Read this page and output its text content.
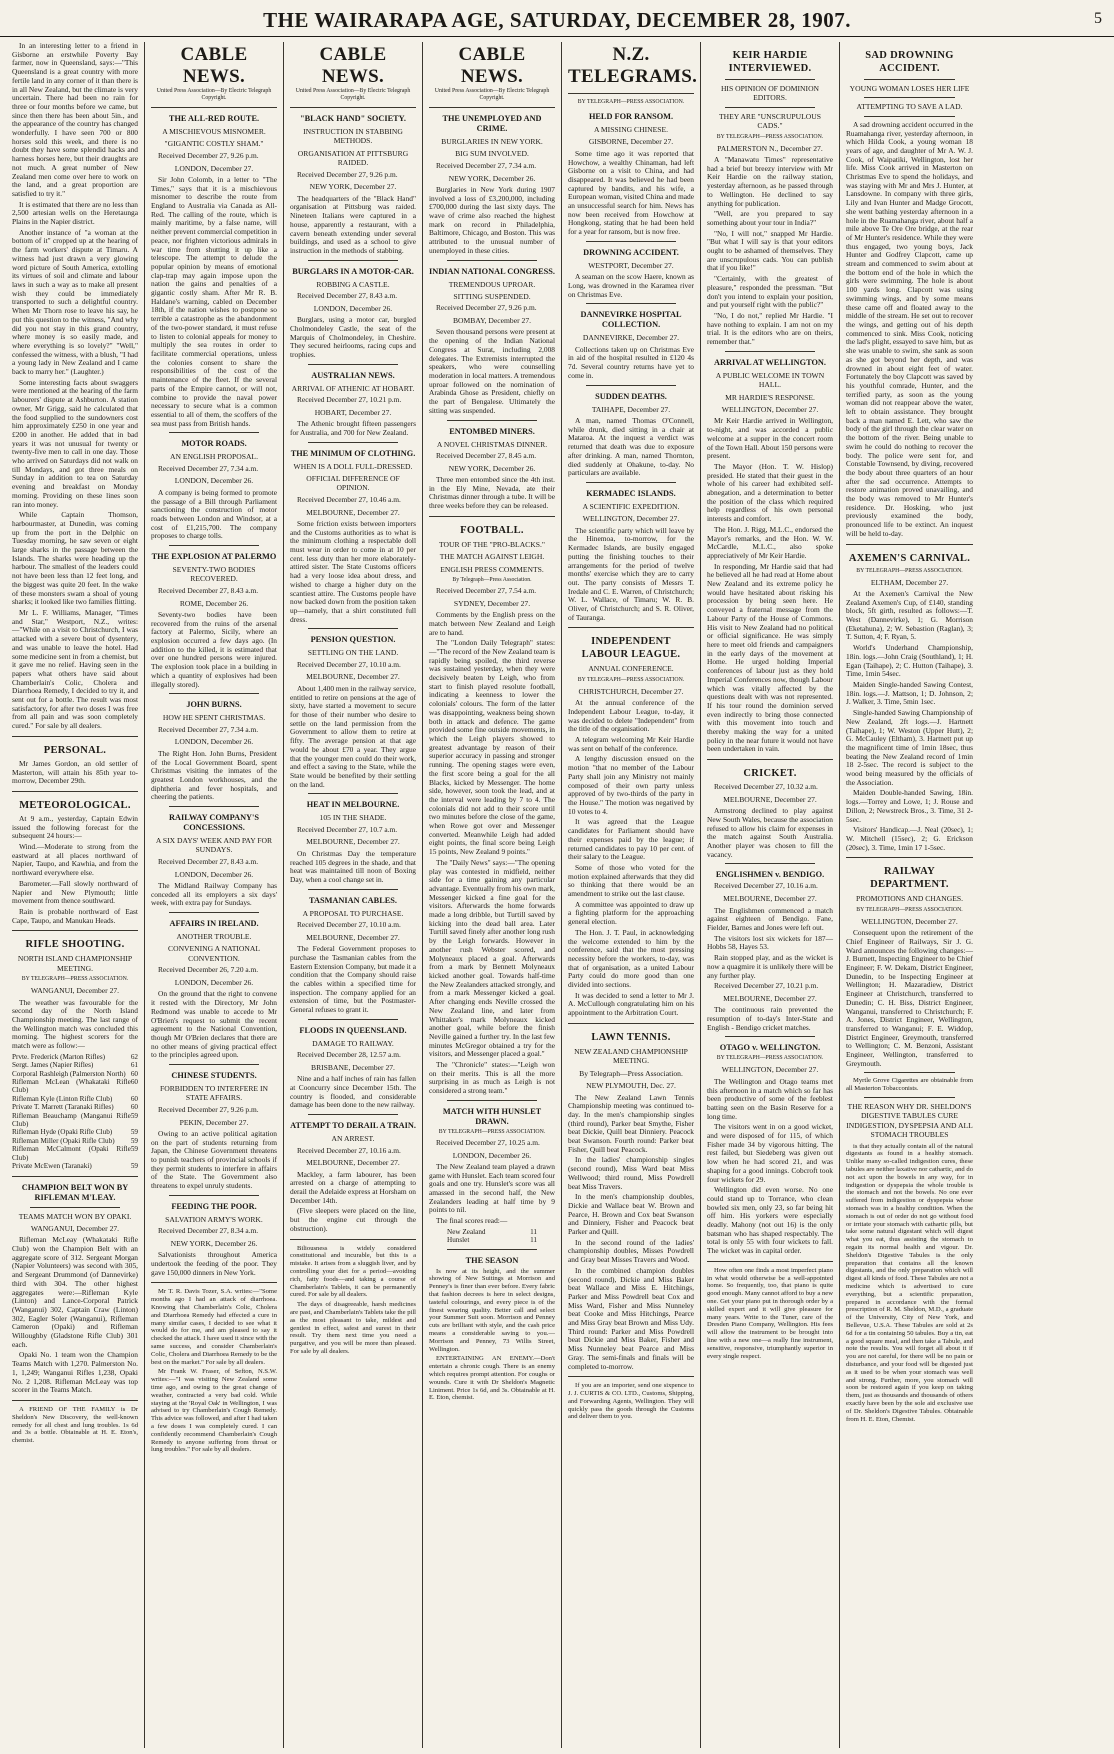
THE WAIRARAPA AGE, SATURDAY, DECEMBER 28, 1907.	5

In an interesting letter to a friend in Gisborne an erstwhile Poverty Bay farmer, now in Queensland, says:—"This Queensland is a great country with more fertile land in any corner of it than there is in all New Zealand, but the climate is very uncertain. There had been no rain for three or four months before we came, but since then there has been about 5in., and the appearance of the country has changed wonderfully. I have seen 700 or 800 horses sold this week, and there is no doubt they have some splendid hacks and harness horses here, but their draughts are not much. A great number of New Zealand men come over here to work on the land, and a great proportion are satisfied to try it."

It is estimated that there are no less than 2,500 artesian wells on the Heretaunga Plains in the Napier district.

Another instance of "a woman at the bottom of it" cropped up at the hearing of the farm workers' dispute at Timaru. A witness had just drawn a very glowing word picture of South America, extolling its virtues of soil and climate and labour laws in such a way as to make all present wish they could be immediately transported to such a delightful country. When Mr Thorn rose to leave his say, he put this question to the witness, "And why did you not stay in this grand country, where money is so easily made, and where everything is so lovely?" "Well," confessed the witness, with a blush, "I had a young lady in New Zealand and I came back to marry her." (Laughter.)

Some interesting facts about swaggers were mentioned at the hearing of the farm labourers' dispute at Ashburton. A station owner, Mr Grigg, said he calculated that the food supplied to the sundowners cost him approximately £250 in one year and £200 in another. He added that in bad years it was not unusual for twenty or twenty-five men to call in one day. Those who arrived on Saturdays did not walk on till Mondays, and got three meals on Sunday in addition to tea on Saturday evening and breakfast on Monday morning. Providing on these lines soon ran into money.

While Captain Thomson, harbourmaster, at Dunedin, was coming up from the port in the Delphic on Tuesday morning, he saw seven or eight large sharks in the passage between the Islands. The sharks were heading up the harbour. The smallest of the leaders could not have been less than 12 feet long, and the biggest was quite 20 feet. In the wake of these monsters swam a shoal of young sharks; it looked like two families flitting.

Mr L. F. Williams, Manager, "Times and Star," Westport, N.Z., writes:—"While on a visit to Christchurch, I was attacked with a severe bout of dysentery, and was unable to leave the hotel. Had some medicine sent in from a chemist, but it gave me no relief. Having seen in the papers what others have said about Chamberlain's Colic, Cholera and Diarrhoea Remedy, I decided to try it, and sent out for a bottle. The result was most satisfactory, for after two doses I was free from all pain and was soon completely cured." For sale by all dealers.

PERSONAL.

Mr James Gordon, an old settler of Masterton, will attain his 85th year to-morrow, December 29th.

METEOROLOGICAL.

At 9 a.m., yesterday, Captain Edwin issued the following forecast for the subsequent 24 hours:—

Wind.—Moderate to strong from the eastward at all places northward of Napier, Taupo, and Kawhia, and from the northward everywhere else.

Barometer.—Fall slowly northward of Napier and New Plymouth; little movement from thence southward.

Rain is probable northward of East Cape, Taupo, and Manukau Heads.

RIFLE SHOOTING.
NORTH ISLAND CHAMPIONSHIP MEETING.
BY TELEGRAPH—PRESS ASSOCIATION.
WANGANUI, December 27.

The weather was favourable for the second day of the North Island Championship meeting. The last range of the Wellington match was concluded this morning. The highest scorers for the match were as follow:—

Prvte. Frederick (Marton Rifles)	62
Sergt. James (Napier Rifles)	61
Corporal Rashleigh (Palmerston North) 60
Rifleman McLean (Whakataki Rifle Club)
60
Rifleman Kyle (Linton Rifle Club)	60
Private T. Marrett (Taranaki Rifles) 60
Rifleman Beauchamp (Manganui Rifle Club)
59
Rifleman Hyde (Opaki Rifle Club)	59
Rifleman Miller (Opaki Rifle Club) 59
Rifleman McCalmont (Opaki Rifle Club)
59
Private McEwen (Taranaki)	59
CHAMPION BELT WON BY RIFLEMAN M'LEAY.
TEAMS MATCH WON BY OPAKI.
WANGANUI, December 27.

Rifleman McLeay (Whakataki Rifle Club) won the Champion Belt with an aggregate score of 312. Sergeant Morgan (Napier Volunteers) was second with 305, and Sergeant Drummond (of Dannevirke) third with 304. The other highest aggregates were:—Rifleman Kyle (Linton) and Lance-Corporal Patrick (Wanganui) 302, Captain Craw (Linton) 302, Eagler Soler (Wanganui), Rifleman Cameron (Opaki) and Rifleman Willoughby (Gladstone Rifle Club) 301 each.

Opaki No. 1 team won the Champion Teams Match with 1,270. Palmerston No. 1, 1,249; Wanganui Rifles 1,238, Opaki No. 2 1,208. Rifleman McLeay was top scorer in the Teams Match.

A FRIEND OF THE FAMILY is Dr Sheldon's New Discovery, the well-known remedy for all chest and lung troubles. 1s 6d and 3s a bottle. Obtainable at H. E. Eton's, chemist.

CABLE NEWS.
United Press Association—By Electric Telegraph Copyright.
THE ALL-RED ROUTE.
A MISCHIEVOUS MISNOMER.
"GIGANTIC COSTLY SHAM."

Received December 27, 9.26 p.m.

LONDON, December 27.

Sir John Colomb, in a letter to "The Times," says that it is a mischievous misnomer to describe the route from England to Australia via Canada as All-Red. The calling of the route, which is mainly maritime, by a false name, will neither prevent commercial competition in peace, nor frighten victorious admirals in war time from shutting it up like a telescope. The attempt to delude the popular opinion by means of emotional clap-trap may again impose upon the nation the gains and penalties of a gigantic costly sham. After Mr R. B. Haldane's warning, cabled on December 18th, if the nation wishes to postpone so terrible a catastrophe as the abandonment of the two-power standard, it must refuse to listen to colonial appeals for money to multiply the sea routes in order to facilitate commercial operations, unless the colonies consent to share the responsibilities of the cost of the maintenance of the fleet. If the several parts of the Empire cannot, or will not, combine to provide the naval power necessary to secure what is a common essential to all of them, the scoffers of the sea must pass from British hands.

MOTOR ROADS.
AN ENGLISH PROPOSAL.

Received December 27, 7.34 a.m.

LONDON, December 26.

A company is being formed to promote the passage of a Bill through Parliament sanctioning the construction of motor roads between London and Windsor, at a cost of £1,215,700. The company proposes to charge tolls.

THE EXPLOSION AT PALERMO
SEVENTY-TWO BODIES RECOVERED.

Received December 27, 8.43 a.m.

ROME, December 26.

Seventy-two bodies have been recovered from the ruins of the arsenal factory at Palermo, Sicily, where an explosion occurred a few days ago. (In addition to the killed, it is estimated that over one hundred persons were injured. The explosion took place in a building in which a quantity of explosives had been illegally stored).

JOHN BURNS.
HOW HE SPENT CHRISTMAS.

Received December 27, 7.34 a.m.

LONDON, December 26.

The Right Hon. John Burns, President of the Local Government Board, spent Christmas visiting the inmates of the greatest London workhouses, and the diphtheria and fever hospitals, and cheering the patients.

RAILWAY COMPANY'S CONCESSIONS.
A SIX DAYS' WEEK AND PAY FOR SUNDAYS.

Received December 27, 8.43 a.m.

LONDON, December 26.

The Midland Railway Company has conceded all its employers a six days' week, with extra pay for Sundays.

AFFAIRS IN IRELAND.
ANOTHER TROUBLE.
CONVENING A NATIONAL CONVENTION.

Received December 26, 7.20 a.m.

LONDON, December 26.

On the ground that the right to convene it rested with the Directory, Mr John Redmond was unable to accede to Mr O'Brien's request to submit the recent agreement to the National Convention, though Mr O'Brien declares that there are no other means of giving practical effect to the principles agreed upon.

CHINESE STUDENTS.
FORBIDDEN TO INTERFERE IN STATE AFFAIRS.

Received December 27, 9.26 p.m.

PEKIN, December 27.

Owing to an active political agitation on the part of students returning from Japan, the Chinese Government threatens to punish teachers of provincial schools if they permit students to interfere in affairs of the State. The Government also threatens to expel unruly students.

FEEDING THE POOR.
SALVATION ARMY'S WORK.

Received December 27, 8.34 a.m.

NEW YORK, December 26.

Salvationists throughout America undertook the feeding of the poor. They gave 150,000 dinners in New York.

Mr T. R. Davis Tozer, S.A. writes:—"Some months ago I had an attack of diarrhoea. Knowing that Chamberlain's Colic, Cholera and Diarrhoea Remedy had effected a cure in many similar cases, I decided to see what it would do for me, and am pleased to say it checked the attack. I have used it since with the same success, and consider Chamberlain's Colic, Cholera and Diarrhoea Remedy to be the best on the market." For sale by all dealers.

Mr Frank W. Fraser, of Sefton, N.S.W. writes:—"I was visiting New Zealand some time ago, and owing to the great change of weather, contracted a very bad cold. While staying at the 'Royal Oak' in Wellington, I was advised to try Chamberlain's Cough Remedy. This advice was followed, and after I had taken a few doses I was completely cured. I can confidently recommend Chamberlain's Cough Remedy to anyone suffering from throat or lung troubles." For sale by all dealers.

CABLE NEWS.
United Press Association—By Electric Telegraph Copyright.
"BLACK HAND" SOCIETY.
INSTRUCTION IN STABBING METHODS.
ORGANISATION AT PITTSBURG RAIDED.

Received December 27, 9.26 p.m.

NEW YORK, December 27.

The headquarters of the "Black Hand" organisation at Pittsburg was raided. Nineteen Italians were captured in a house, apparently a restaurant, with a cavern beneath extending under several buildings, and used as a school to give instruction in the methods of stabbing.

BURGLARS IN A MOTOR-CAR.
ROBBING A CASTLE.

Received December 27, 8.43 a.m.

LONDON, December 26.

Burglars, using a motor car, burgled Cholmondeley Castle, the seat of the Marquis of Cholmondeley, in Cheshire. They secured heirlooms, racing cups and trophies.

AUSTRALIAN NEWS.
ARRIVAL OF ATHENIC AT HOBART.

Received December 27, 10.21 p.m.

HOBART, December 27.

The Athenic brought fifteen passengers for Australia, and 700 for New Zealand.

THE MINIMUM OF CLOTHING.
WHEN IS A DOLL FULL-DRESSED.
OFFICIAL DIFFERENCE OF OPINION.

Received December 27, 10.46 a.m.

MELBOURNE, December 27.

Some friction exists between importers and the Customs authorities as to what is the minimum clothing a respectable doll must wear in order to come in at 10 per cent. less duty than her more elaborately-attired sister. The State Customs officers had a very loose idea about dress, and wished to charge a higher duty on the scantiest attire. The Customs people have now backed down from the position taken up—namely, that a shirt constituted full dress.

PENSION QUESTION.
SETTLING ON THE LAND.

Received December 27, 10.10 a.m.

MELBOURNE, December 27.

About 1,400 men in the railway service, entitled to retire on pensions at the age of sixty, have started a movement to secure for those of their number who desire to settle on the land permission from the Government to allow them to retire at fifty. The average pension at that age would be about £70 a year. They argue that the younger men could do their work, and effect a saving to the State, while the State would be benefited by their settling on the land.

HEAT IN MELBOURNE.
105 IN THE SHADE.

Received December 27, 10.7 a.m.

MELBOURNE, December 27.

On Christmas Day the temperature reached 105 degrees in the shade, and that heat was maintained till noon of Boxing Day, when a cool change set in.

TASMANIAN CABLES.
A PROPOSAL TO PURCHASE.

Received December 27, 10.10 a.m.

MELBOURNE, December 27.

The Federal Government proposes to purchase the Tasmanian cables from the Eastern Extension Company, but made it a condition that the Company should raise the cables within a specified time for inspection. The company applied for an extension of time, but the Postmaster-General refuses to grant it.

FLOODS IN QUEENSLAND.
DAMAGE TO RAILWAY.

Received December 28, 12.57 a.m.

BRISBANE, December 27.

Nine and a half inches of rain has fallen at Cooncurry since December 15th. The country is flooded, and considerable damage has been done to the new railway.

ATTEMPT TO DERAIL A TRAIN.
AN ARREST.

Received December 27, 10.16 a.m.

MELBOURNE, December 27.

Mackley, a farm labourer, has been arrested on a charge of attempting to derail the Adelaide express at Horsham on December 14th.

(Five sleepers were placed on the line, but the engine cut through the obstruction).

Biliousness is widely considered constitutional and incurable, but this is a mistake. It arises from a sluggish liver, and by controlling your diet for a period—avoiding rich, fatty foods—and taking a course of Chamberlain's Tablets, it can be permanently cured. For sale by all dealers.

The days of disagreeable, harsh medicines are past, and Chamberlain's Tablets take the pill as the most pleasant to take, mildest and gentlest in effect, safest and surest in their result. Try them next time you need a purgative, and you will be more than pleased. For sale by all dealers.

CABLE NEWS.
United Press Association—By Electric Telegraph Copyright.
THE UNEMPLOYED AND CRIME.
BURGLARIES IN NEW YORK.
BIG SUM INVOLVED.

Received December 27, 7.34 a.m.

NEW YORK, December 26.

Burglaries in New York during 1907 involved a loss of £3,200,000, including £700,000 during the last sixty days. The wave of crime also reached the highest mark on record in Philadelphia, Baltimore, Chicago, and Boston. This was attributed to the unusual number of unemployed in these cities.

INDIAN NATIONAL CONGRESS.
TREMENDOUS UPROAR.
SITTING SUSPENDED.

Received December 27, 9.26 p.m.

BOMBAY, December 27.

Seven thousand persons were present at the opening of the Indian National Congress at Surat, including 2,008 delegates. The Extremists interrupted the speakers, who were counselling moderation in local matters. A tremendous uproar followed on the nomination of Arabinda Ghose as President, chiefly on the part of Bengalese. Ultimately the sitting was suspended.

ENTOMBED MINERS.
A NOVEL CHRISTMAS DINNER.

Received December 27, 8.45 a.m.

NEW YORK, December 26.

Three men entombed since the 4th inst. in the Ely Mine, Nevada, ate their Christmas dinner through a tube. It will be three weeks before they can be released.

FOOTBALL.
TOUR OF THE "PRO-BLACKS."
THE MATCH AGAINST LEIGH.
ENGLISH PRESS COMMENTS.
By Telegraph—Press Association.

Received December 27, 7.54 a.m.

SYDNEY, December 27.

Comments by the English press on the match between New Zealand and Leigh are to hand.

The "London Daily Telegraph" states:—"The record of the New Zealand team is rapidly being spoiled, the third reverse was sustained yesterday, when they were decisively beaten by Leigh, who from start to finish played resolute football, indicating a keenness to lower the colonials' colours. The form of the latter was disappointing, weakness being shown both in attack and defence. The game provided some fine outside movements, in which the Leigh players showed to greatest advantage by reason of their superior accuracy in passing and stronger running. The opening stages were even, the first score being a goal for the all Blacks, kicked by Messenger. The home side, however, soon took the lead, and at the interval were leading by 7 to 4. The colonials did not add to their score until two minutes before the close of the game, when Rowe got over and Messenger converted. Meanwhile Leigh had added eight points, the final score being Leigh 15 points, New Zealand 9 points."

The "Daily News" says:—"The opening play was contested in midfield, neither side for a time gaining any particular advantage. Eventually from his own mark, Messenger kicked a fine goal for the visitors. Afterwards the home forwards made a long dribble, but Turtill saved by kicking into the dead ball area. Later Turtill saved finely after another long rush by the Leigh forwards. However in another rush Webster scored, and Molyneaux placed a goal. Afterwards from a mark by Bennett Molyneaux kicked another goal. Towards half-time the New Zealanders attacked strongly, and from a mark Messenger kicked a goal. After changing ends Neville crossed the New Zealand line, and later from Whittaker's mark Molyneaux kicked another goal, while before the finish Neville gained a further try. In the last few minutes McGregor obtained a try for the visitors, and Messenger placed a goal."

The "Chronicle" states:—"Leigh won on their merits. This is all the more surprising in as much as Leigh is not considered a strong team."

MATCH WITH HUNSLET DRAWN.
BY TELEGRAPH—PRESS ASSOCIATION.

Received December 27, 10.25 a.m.

LONDON, December 26.

The New Zealand team played a drawn game with Hunslet. Each team scored four goals and one try. Hunslet's score was all amassed in the second half, the New Zealanders leading at half time by 9 points to nil.

The final scores read:—

New Zealand	11
Hunslet	11
THE SEASON

Is now at its height, and the summer showing of New Suitings at Morrison and Penney's is finer than ever before. Every fabric that fashion decrees is here in select designs, tasteful colourings, and every piece is of the finest wearing quality. Better call and select your Summer Suit soon. Morrison and Penney cuts are brilliant with style, and the cash price means a considerable saving to you.—Morrison and Penney, 73 Willis Street, Wellington.

ENTERTAINING AN ENEMY.—Don't entertain a chronic cough. There is an enemy which requires prompt attention. For coughs or wounds. Cure it with Dr Sheldon's Magnetic Liniment. Price 1s 6d, and 3s. Obtainable at H. E. Eton, chemist.

N.Z. TELEGRAMS.
BY TELEGRAPH—PRESS ASSOCIATION.
HELD FOR RANSOM.
A MISSING CHINESE.
GISBORNE, December 27.

Some time ago it was reported that Howchow, a wealthy Chinaman, had left Gisborne on a visit to China, and had disappeared. It was believed he had been captured by bandits, and his wife, a European woman, visited China and made an unsuccessful search for him. News has now been received from Howchow at Hongkong, stating that he had been held for a year for ransom, but is now free.

DROWNING ACCIDENT.
WESTPORT, December 27.

A seaman on the scow Haere, known as Long, was drowned in the Karamea river on Christmas Eve.

DANNEVIRKE HOSPITAL COLLECTION.
DANNEVIRKE, December 27.

Collections taken up on Christmas Eve in aid of the hospital resulted in £120 4s 7d. Several country returns have yet to come in.

SUDDEN DEATHS.
TAIHAPE, December 27.

A man, named Thomas O'Connell, while drunk, died sitting in a chair at Mataroa. At the inquest a verdict was returned that death was due to exposure after drinking. A man, named Thornton, died suddenly at Ohakune, to-day. No particulars are available.

KERMADEC ISLANDS.
A SCIENTIFIC EXPEDITION.
WELLINGTON, December 27.

The scientific party which will leave by the Hinemoa, to-morrow, for the Kermadec Islands, are busily engaged putting the finishing touches to their arrangements for the period of twelve months' exercise which they are to carry out. The party consists of Messrs T. Iredale and C. E. Warren, of Christchurch; W. L. Wallace, of Timaru; W. R. B. Oliver, of Christchurch; and S. R. Oliver, of Tauranga.

INDEPENDENT LABOUR LEAGUE.
ANNUAL CONFERENCE.
BY TELEGRAPH—PRESS ASSOCIATION.
CHRISTCHURCH, December 27.

At the annual conference of the Independent Labour League, to-day, it was decided to delete "Independent" from the title of the organisation.

A telegram welcoming Mr Keir Hardie was sent on behalf of the conference.

A lengthy discussion ensued on the motion "that no member of the Labour Party shall join any Ministry not mainly composed of their own party unless approved of by two-thirds of the party in the House." The motion was negatived by 10 votes to 4.

It was agreed that the League candidates for Parliament should have their expenses paid by the league; if returned candidates to pay 10 per cent. of their salary to the League.

Some of those who voted for the motion explained afterwards that they did so thinking that there would be an amendment to strike out the last clause.

A committee was appointed to draw up a fighting platform for the approaching general election.

The Hon. J. T. Paul, in acknowledging the welcome extended to him by the conference, said that the most pressing necessity before the workers, to-day, was that of organisation, as a united Labour Party could do more good than one divided into sections.

It was decided to send a letter to Mr J. A. McCullough congratulating him on his appointment to the Arbitration Court.

LAWN TENNIS.
NEW ZEALAND CHAMPIONSHIP MEETING.
By Telegraph—Press Association.
NEW PLYMOUTH, Dec. 27.

The New Zealand Lawn Tennis Championship meeting was continued to-day. In the men's championship singles (third round), Parker beat Smythe, Fisher beat Dickie, Quill beat Dinniery. Peacock beat Swanson. Fourth round: Parker beat Fisher, Quill beat Peacock.

In the ladies' championship singles (second round), Miss Ward beat Miss Wellwood; third round, Miss Powdrell beat Miss Travers.

In the men's championship doubles, Dickie and Wallace beat W. Brown and Pearce, H. Brown and Cox beat Swanson and Dinniery, Fisher and Peacock beat Parker and Quill.

In the second round of the ladies' championship doubles, Misses Powdrell and Gray beat Misses Travers and Wood.

In the combined champion doubles (second round), Dickie and Miss Baker beat Wallace and Miss E. Hitchings, Parker and Miss Powdrell beat Cox and Miss Ward, Fisher and Miss Nunneley beat Cooke and Miss Hitchings, Pearce and Miss Gray beat Brown and Miss Udy. Third round: Parker and Miss Powdrell beat Dickie and Miss Baker, Fisher and Miss Nunneley beat Pearce and Miss Gray. The semi-finals and finals will be completed to-morrow.

If you are an importer, send one sixpence to J. J. CURTIS & CO. LTD., Customs, Shipping, and Forwarding Agents, Wellington. They will quickly pass the goods through the Customs and deliver them to you.

KEIR HARDIE INTERVIEWED.
HIS OPINION OF DOMINION EDITORS.
THEY ARE "UNSCRUPULOUS CADS."
BY TELEGRAPH—PRESS ASSOCIATION.
PALMERSTON N., December 27.

A "Manawatu Times" representative had a brief but breezy interview with Mr Keir Hardie on the railway station, yesterday afternoon, as he passed through to Wellington. He declined to say anything for publication.

"Well, are you prepared to say something about your tour in India?"

"No, I will not," snapped Mr Hardie. "But what I will say is that your editors ought to be ashamed of themselves. They are unscrupulous cads. You can publish that if you like!"

"Certainly, with the greatest of pleasure," responded the pressman. "But don't you intend to explain your position, and put yourself right with the public?"

"No, I do not," replied Mr Hardie. "I have nothing to explain. I am not on my trial. It is the editors who are on theirs, remember that."

ARRIVAL AT WELLINGTON.
A PUBLIC WELCOME IN TOWN HALL.
MR HARDIE'S RESPONSE.
WELLINGTON, December 27.

Mr Keir Hardie arrived in Wellington, to-night, and was accorded a public welcome at a supper in the concert room of the Town Hall. About 150 persons were present.

The Mayor (Hon. T. W. Hislop) presided. He stated that their guest in the whole of his career had exhibited self-abnegation, and a determination to better the position of the class which required help regardless of his own personal interests and comfort.

The Hon. J. Rigg, M.L.C., endorsed the Mayor's remarks, and the Hon. W. W. McCardle, M.L.C., also spoke appreciatively of Mr Keir Hardie.

In responding, Mr Hardie said that had he believed all he had read at Home about New Zealand and its extreme policy he would have hesitated about risking his procession by being seen here. He conveyed a fraternal message from the Labour Party of the House of Commons. His visit to New Zealand had no political or official significance. He was simply here to meet old friends and campaigners in the early days of the movement at Home. He urged holding Imperial conferences of labour just as they hold Imperial Conferences now, though Labour which was vitally affected by the questions dealt with was not represented. If his tour round the dominion served even indirectly to bring those connected with this movement into touch and thereby making the way for a united policy in the near future it would not have been undertaken in vain.

CRICKET.

Received December 27, 10.32 a.m.

MELBOURNE, December 27.

Armstrong declined to play against New South Wales, because the association refused to allow his claim for expenses in the match against South Australia. Another player was chosen to fill the vacancy.

ENGLISHMEN v. BENDIGO.

Received December 27, 10.16 a.m.

MELBOURNE, December 27.

The Englishmen commenced a match against eighteen of Bendigo. Fane, Fielder, Barnes and Jones were left out.

The visitors lost six wickets for 187—Hobbs 58, Hayes 53.

Rain stopped play, and as the wicket is now a quagmire it is unlikely there will be any further play.

Received December 27, 10.21 p.m.

MELBOURNE, December 27.

The continuous rain prevented the resumption of to-day's Inter-State and English - Bendigo cricket matches.

OTAGO v. WELLINGTON.
BY TELEGRAPH—PRESS ASSOCIATION.
WELLINGTON, December 27.

The Wellington and Otago teams met this afternoon in a match which so far has been productive of some of the feeblest batting seen on the Basin Reserve for a long time.

The visitors went in on a good wicket, and were disposed of for 115, of which Fisher made 34 by vigorous hitting. The rest failed, but Siedeberg was given out low when he had scored 21, and was shaping for a good innings. Cobcroft took four wickets for 29.

Wellington did even worse. No one could stand up to Torrance, who clean bowled six men, only 23, so far being hit off him. His yorkers were especially deadly. Mahony (not out 16) is the only batsman who has shaped respectably. The total is only 55 with four wickets to fall. The wicket was in capital order.

How often one finds a most imperfect piano in what would otherwise be a well-appointed home. So frequently, too, that piano is quite good enough. Many cannot afford to buy a new one. Get your piano put in thorough order by a skilled expert and it will give pleasure for many years. Write to the Tuner, care of the Dresden Piano Company, Wellington. His fees will allow the instrument to be brought into line with a new one—a really fine instrument, sensitive, responsive, triumphantly superior in every single respect.

SAD DROWNING ACCIDENT.
YOUNG WOMAN LOSES HER LIFE
ATTEMPTING TO SAVE A LAD.

A sad drowning accident occurred in the Ruamahanga river, yesterday afternoon, in which Hilda Cook, a young woman 18 years of age, and daughter of Mr A. W. J. Cook, of Waipatiki, Wellington, lost her life. Miss Cook arrived in Masterton on Christmas Eve to spend the holidays, and was staying with Mr and Mrs J. Hunter, at Lansdowne. In company with three girls, Lily and Ivan Hunter and Madge Grocott, she went bathing yesterday afternoon in a hole in the Ruamahanga river, about half a mile above Te Ore Ore bridge, at the rear of Mr Hunter's residence. While they were thus engaged, two young boys, Jack Hunter and Godfrey Clapcott, came up stream and commenced to swim about at the bottom end of the hole in which the girls were swimming. The hole is about 100 yards long. Clapcott was using swimming wings, and by some means these came off and floated away to the middle of the stream. He set out to recover the wings, and getting out of his depth commenced to sink. Miss Cook, noticing the lad's plight, essayed to save him, but as she was unable to swim, she sank as soon as she got beyond her depth, and was drowned in about eight feet of water. Fortunately the boy Clapcott was saved by his youthful comrade, Hunter, and the terrified party, as soon as the young woman did not reappear above the water, left to obtain assistance. They brought back a man named E. Lett, who saw the body of the girl through the clear water on the bottom of the river. Being unable to swim he could do nothing to recover the body. The police were sent for, and Constable Townsend, by diving, recovered the body about three quarters of an hour after the sad occurrence. Attempts to restore animation proved unavailing, and the body was removed to Mr Hunter's residence. Dr. Hosking, who just previously examined the body, pronounced life to be extinct. An inquest will be held to-day.

AXEMEN'S CARNIVAL.
BY TELEGRAPH—PRESS ASSOCIATION.
ELTHAM, December 27.

At the Axemen's Carnival the New Zealand Axemen's Cup, of £140, standing block, 5ft girth, resulted as follows:—T. West (Dannevirke), 1; G. Morrison (Eketahuna), 2; W. Sebastion (Raglan), 3; T. Sutton, 4; F. Ryan, 5.

World's Underhand Championship, 18in. logs.—John Craig (Southland), 1; H. Egan (Taihape), 2; C. Hutton (Taihape), 3. Time, 1min 54sec.

Maiden Single-handed Sawing Contest, 18in. logs.—J. Mattson, 1; D. Johnson, 2; J. Walker, 3. Time, 5min 1sec.

Single-handed Sawing Championship of New Zealand, 2ft logs.—J. Hartnett (Taihape), 1; W. Weston (Upper Hutt), 2; G. McCauley (Eltham), 3. Hartnett put up the magnificent time of 1min 18sec, thus beating the New Zealand record of 1min 18 2-5sec. The record is subject to the wood being measured by the officials of the Association.

Maiden Double-handed Sawing, 18in. logs.—Torrey and Lowe, 1; J. Rouse and Dillon, 2; Newstreck Bros., 3. Time, 31 2-5sec.

Visitors' Handicap.—J. Neal (20sec), 1; W. Mitchell (15sec), 2; G. Erickson (20sec), 3. Time, 1min 17 1-5sec.

RAILWAY DEPARTMENT.
PROMOTIONS AND CHANGES.
BY TELEGRAPH—PRESS ASSOCIATION.
WELLINGTON, December 27.

Consequent upon the retirement of the Chief Engineer of Railways, Sir J. G. Ward announces the following changes:—J. Burnett, Inspecting Engineer to be Chief Engineer; F. W. Dekam, District Engineer, Dunedin, to be Inspecting Engineer at Wellington; H. Mazaradiew, District Engineer at Christchurch, transferred to Dunedin; C. H. Biss, District Engineer, Wanganui, transferred to Christchurch; F. A. Jones, District Engineer, Wellington, transferred to Wanganui; F. E. Widdop, District Engineer, Greymouth, transferred to Wellington; C. M. Benzoni, Assistant Engineer, Wellington, transferred to Greymouth.

Myrtle Grove Cigarettes are obtainable from all Masterton Tobacconists.

THE REASON WHY DR. SHELDON'S DIGESTIVE TABULES CURE INDIGESTION, DYSPEPSIA AND ALL STOMACH TROUBLES

is that they actually contain all of the natural digestants as found in a healthy stomach. Unlike many so-called indigestion cures, these tabules are neither laxative nor cathartic, and do not act upon the bowels in any way, for in indigestion or dyspepsia the whole trouble is the stomach and not the bowels. No one ever suffered from indigestion or dyspepsia whose stomach was in a healthy condition. When the stomach is out of order do not go without food or irritate your stomach with cathartic pills, but take some natural digestant which will digest what you eat, thus assisting the stomach to regain its normal health and vigour. Dr. Sheldon's Digestive Tabules is the only preparation that contains all the known digestants, and the only preparation which will digest all kinds of food. These Tabules are not a medicine which is advertised to cure everything, but a scientific preparation, prepared in accordance with the formal prescription of R. M. Sheldon, M.D., a graduate of the University, City of New York, and Bellevue, U.S.A. These Tabules are sold at 2s 6d for a tin containing 50 tabules. Buy a tin, eat a good square meal, and then take a Tabule, and note the results. You will forget all about it if you are not careful, for there will be no pain or disturbance, and your food will be digested just as it used to be when your stomach was well and strong. Further, more, you stomach will soon be restored again if you keep on taking them, just as thousands and thousands of others exactly have been by the sole aid exclusive use of Dr. Sheldon's Digestive Tabules. Obtainable from H. E. Eton, Chemist.
